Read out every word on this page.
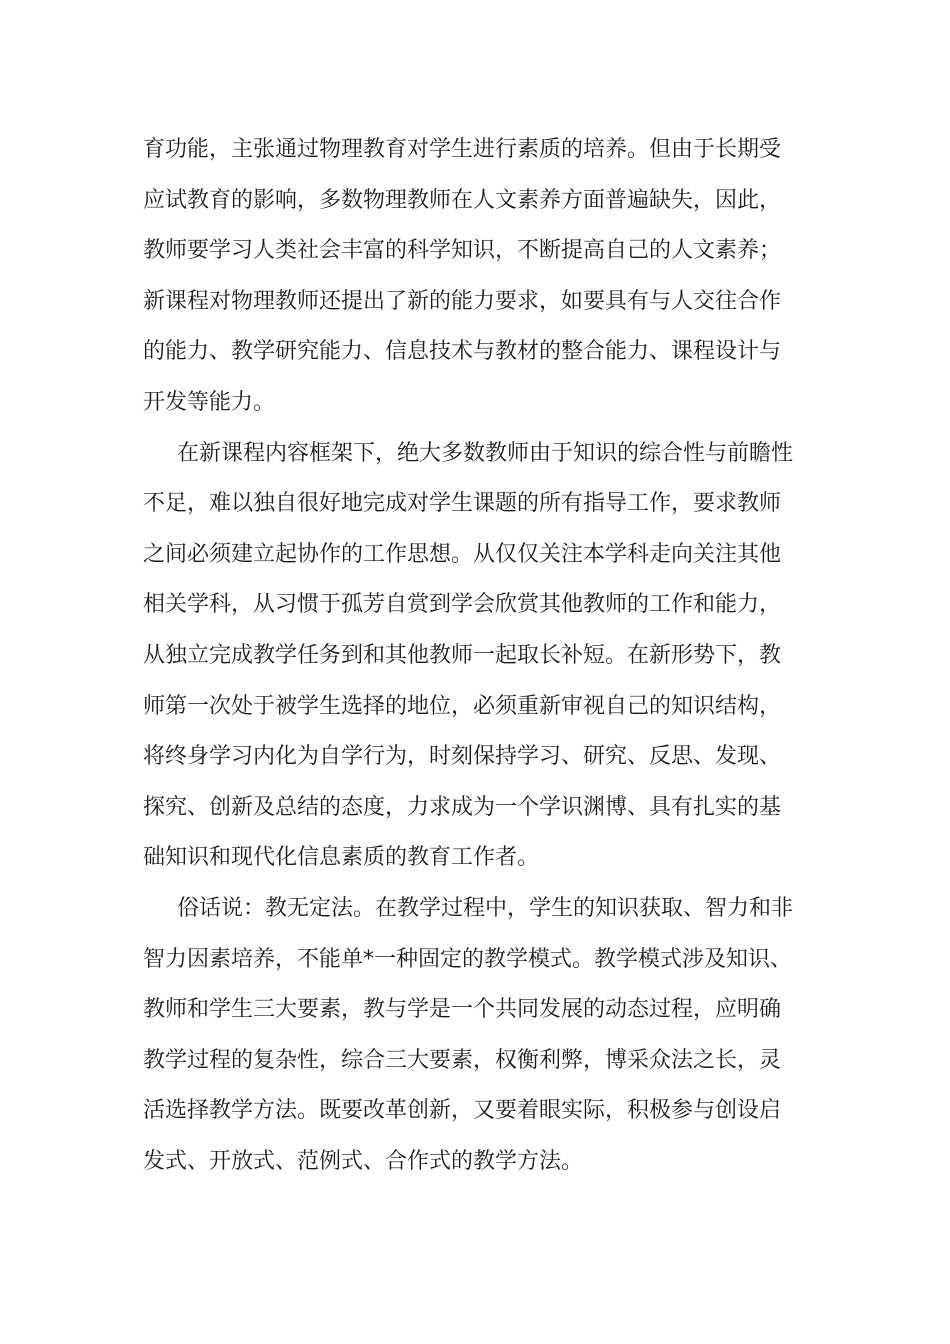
育功能，主张通过物理教育对学生进行素质的培养。但由于长期受
应试教育的影响，多数物理教师在人文素养方面普遍缺失，因此，
教师要学习人类社会丰富的科学知识，不断提高自己的人文素养；
新课程对物理教师还提出了新的能力要求，如要具有与人交往合作
的能力、教学研究能力、信息技术与教材的整合能力、课程设计与
开发等能力。
在新课程内容框架下，绝大多数教师由于知识的综合性与前瞻性
不足，难以独自很好地完成对学生课题的所有指导工作，要求教师
之间必须建立起协作的工作思想。从仅仅关注本学科走向关注其他
相关学科，从习惯于孤芳自赏到学会欣赏其他教师的工作和能力，
从独立完成教学任务到和其他教师一起取长补短。在新形势下，教
师第一次处于被学生选择的地位，必须重新审视自己的知识结构，
将终身学习内化为自学行为，时刻保持学习、研究、反思、发现、
探究、创新及总结的态度，力求成为一个学识渊博、具有扎实的基
础知识和现代化信息素质的教育工作者。
俗话说：教无定法。在教学过程中，学生的知识获取、智力和非
智力因素培养，不能单*一种固定的教学模式。教学模式涉及知识、
教师和学生三大要素，教与学是一个共同发展的动态过程，应明确
教学过程的复杂性，综合三大要素，权衡利弊，博采众法之长，灵
活选择教学方法。既要改革创新，又要着眼实际，积极参与创设启
发式、开放式、范例式、合作式的教学方法。
